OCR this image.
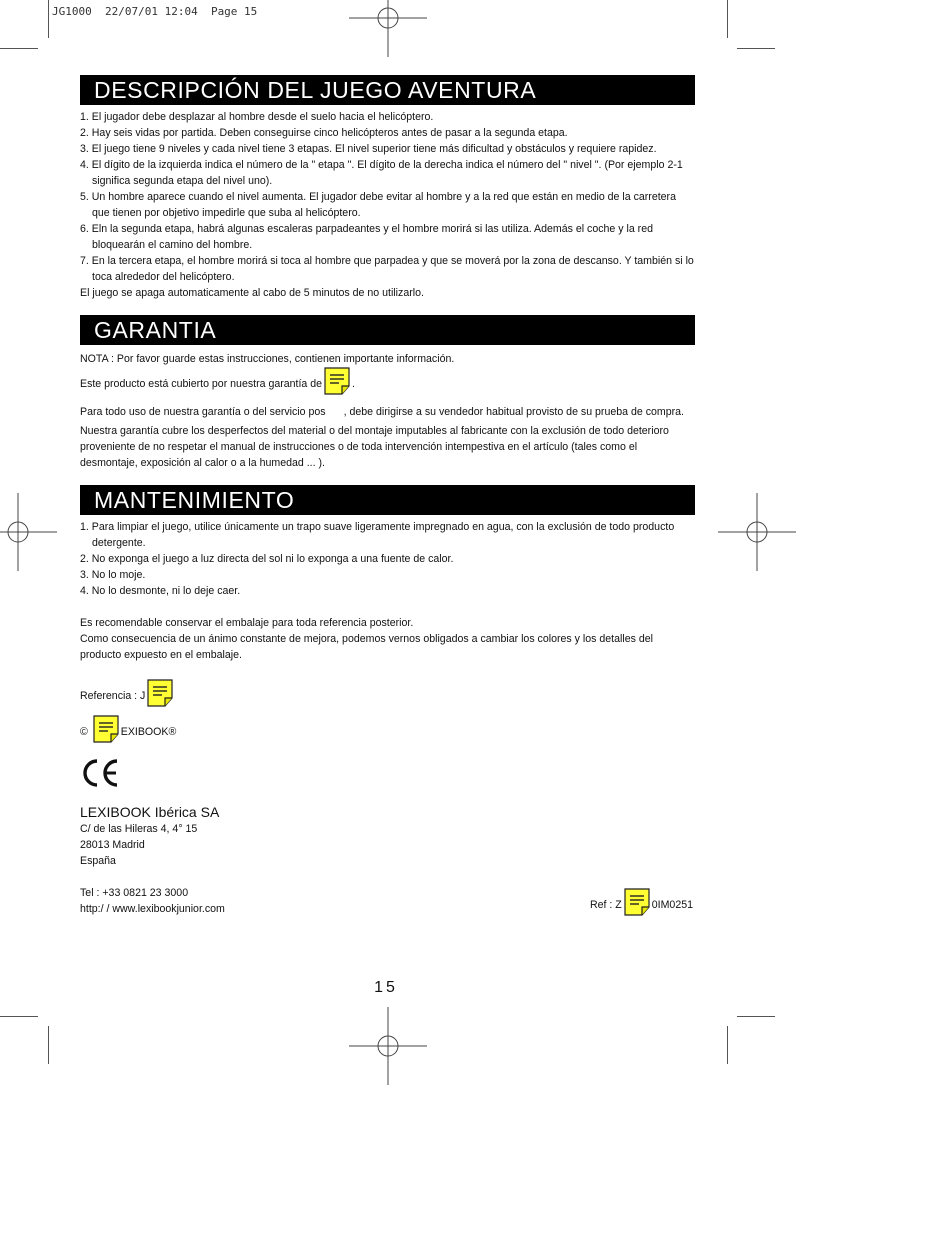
JG1000  22/07/01 12:04  Page 15
DESCRIPCIÓN DEL JUEGO AVENTURA
1. El jugador debe desplazar al hombre desde el suelo hacia el helicóptero.
2. Hay seis vidas por partida. Deben conseguirse cinco helicópteros antes de pasar a la segunda etapa.
3. El juego tiene 9 niveles y cada nivel tiene 3 etapas. El nivel superior tiene más dificultad y obstáculos y requiere rapidez.
4. El dígito de la izquierda indica el número de la " etapa ". El dígito de la derecha indica el número del " nivel ". (Por ejemplo 2-1 significa segunda etapa del nivel uno).
5. Un hombre aparece cuando el nivel aumenta. El jugador debe evitar al hombre y a la red que están en medio de la carretera que tienen por objetivo impedirle que suba al helicóptero.
6. Eln la segunda etapa, habrá algunas escaleras parpadeantes y el hombre morirá si las utiliza. Además el coche y la red bloquearán el camino del hombre.
7. En la tercera etapa, el hombre morirá si toca al hombre que parpadea y que se moverá por la zona de descanso. Y también si lo toca alrededor del helicóptero.

El juego se apaga automaticamente al cabo de 5 minutos de no utilizarlo.

GARANTIA

NOTA : Por favor guarde estas instrucciones, contienen importante información.

Este producto está cubierto por nuestra garantía de	.

Para todo uso de nuestra garantía o del servicio pos , debe dirigirse a su vendedor habitual provisto de su prueba de compra. Nuestra garantía cubre los desperfectos del material o del montaje imputables al fabricante con la exclusión de todo deterioro proveniente de no respetar el manual de instrucciones o de toda intervención intempestiva en el artículo (tales como el desmontaje, exposición al calor o a la humedad ... ).

MANTENIMIENTO
1. Para limpiar el juego, utilice únicamente un trapo suave ligeramente impregnado en agua, con la exclusión de todo producto detergente.
2. No exponga el juego a luz directa del sol ni lo exponga a una fuente de calor.
3. No lo moje.
4. No lo desmonte, ni lo deje caer.

Es recomendable conservar el embalaje para toda referencia posterior.

Como consecuencia de un ánimo constante de mejora, podemos vernos obligados a cambiar los colores y los detalles del producto expuesto en el embalaje.

Referencia : J

©	EXIBOOK®

LEXIBOOK Ibérica SA

C/ de las Hileras 4, 4° 15

28013 Madrid

España

Tel : +33 0821 23 3000

http:/ / www.lexibookjunior.com	Ref : Z	0IM0251
15
